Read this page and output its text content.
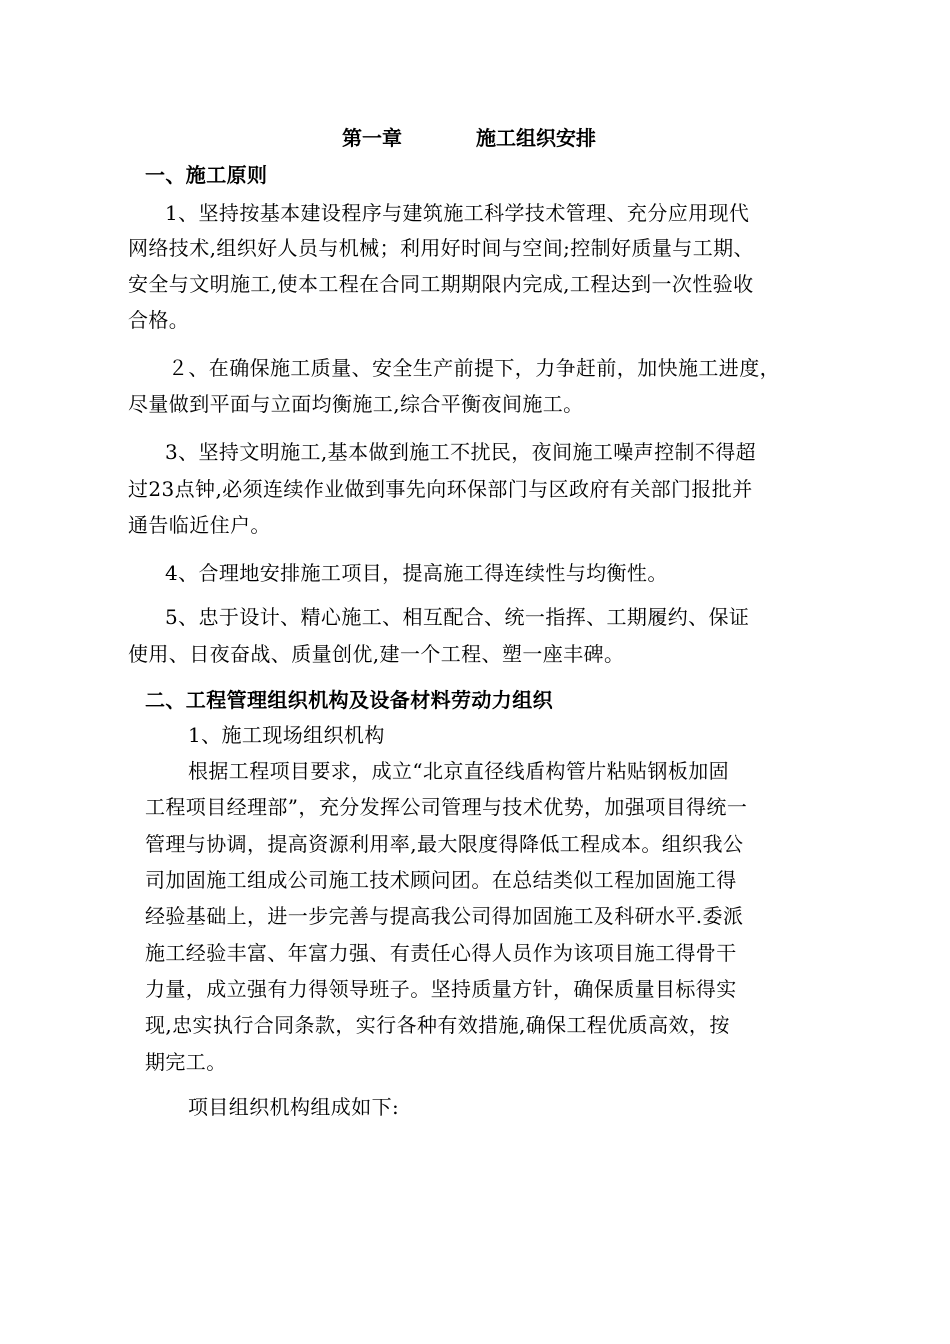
第一章	施工组织安排
一、施工原则
1、坚持按基本建设程序与建筑施工科学技术管理、充分应用现代
网络技术,组织好人员与机械；利用好时间与空间;控制好质量与工期、
安全与文明施工,使本工程在合同工期期限内完成,工程达到一次性验收
合格。
２、在确保施工质量、安全生产前提下，力争赶前，加快施工进度，
尽量做到平面与立面均衡施工,综合平衡夜间施工。
3、坚持文明施工,基本做到施工不扰民，夜间施工噪声控制不得超
过23点钟,必须连续作业做到事先向环保部门与区政府有关部门报批并
通告临近住户。
4、合理地安排施工项目，提高施工得连续性与均衡性。
5、忠于设计、精心施工、相互配合、统一指挥、工期履约、保证
使用、日夜奋战、质量创优,建一个工程、塑一座丰碑。
二、工程管理组织机构及设备材料劳动力组织
1、施工现场组织机构
根据工程项目要求，成立“北京直径线盾构管片粘贴钢板加固
工程项目经理部”，充分发挥公司管理与技术优势，加强项目得统一
管理与协调，提高资源利用率,最大限度得降低工程成本。组织我公
司加固施工组成公司施工技术顾问团。在总结类似工程加固施工得
经验基础上，进一步完善与提高我公司得加固施工及科研水平.委派
施工经验丰富、年富力强、有责任心得人员作为该项目施工得骨干
力量，成立强有力得领导班子。坚持质量方针，确保质量目标得实
现,忠实执行合同条款，实行各种有效措施,确保工程优质高效，按
期完工。
项目组织机构组成如下:
